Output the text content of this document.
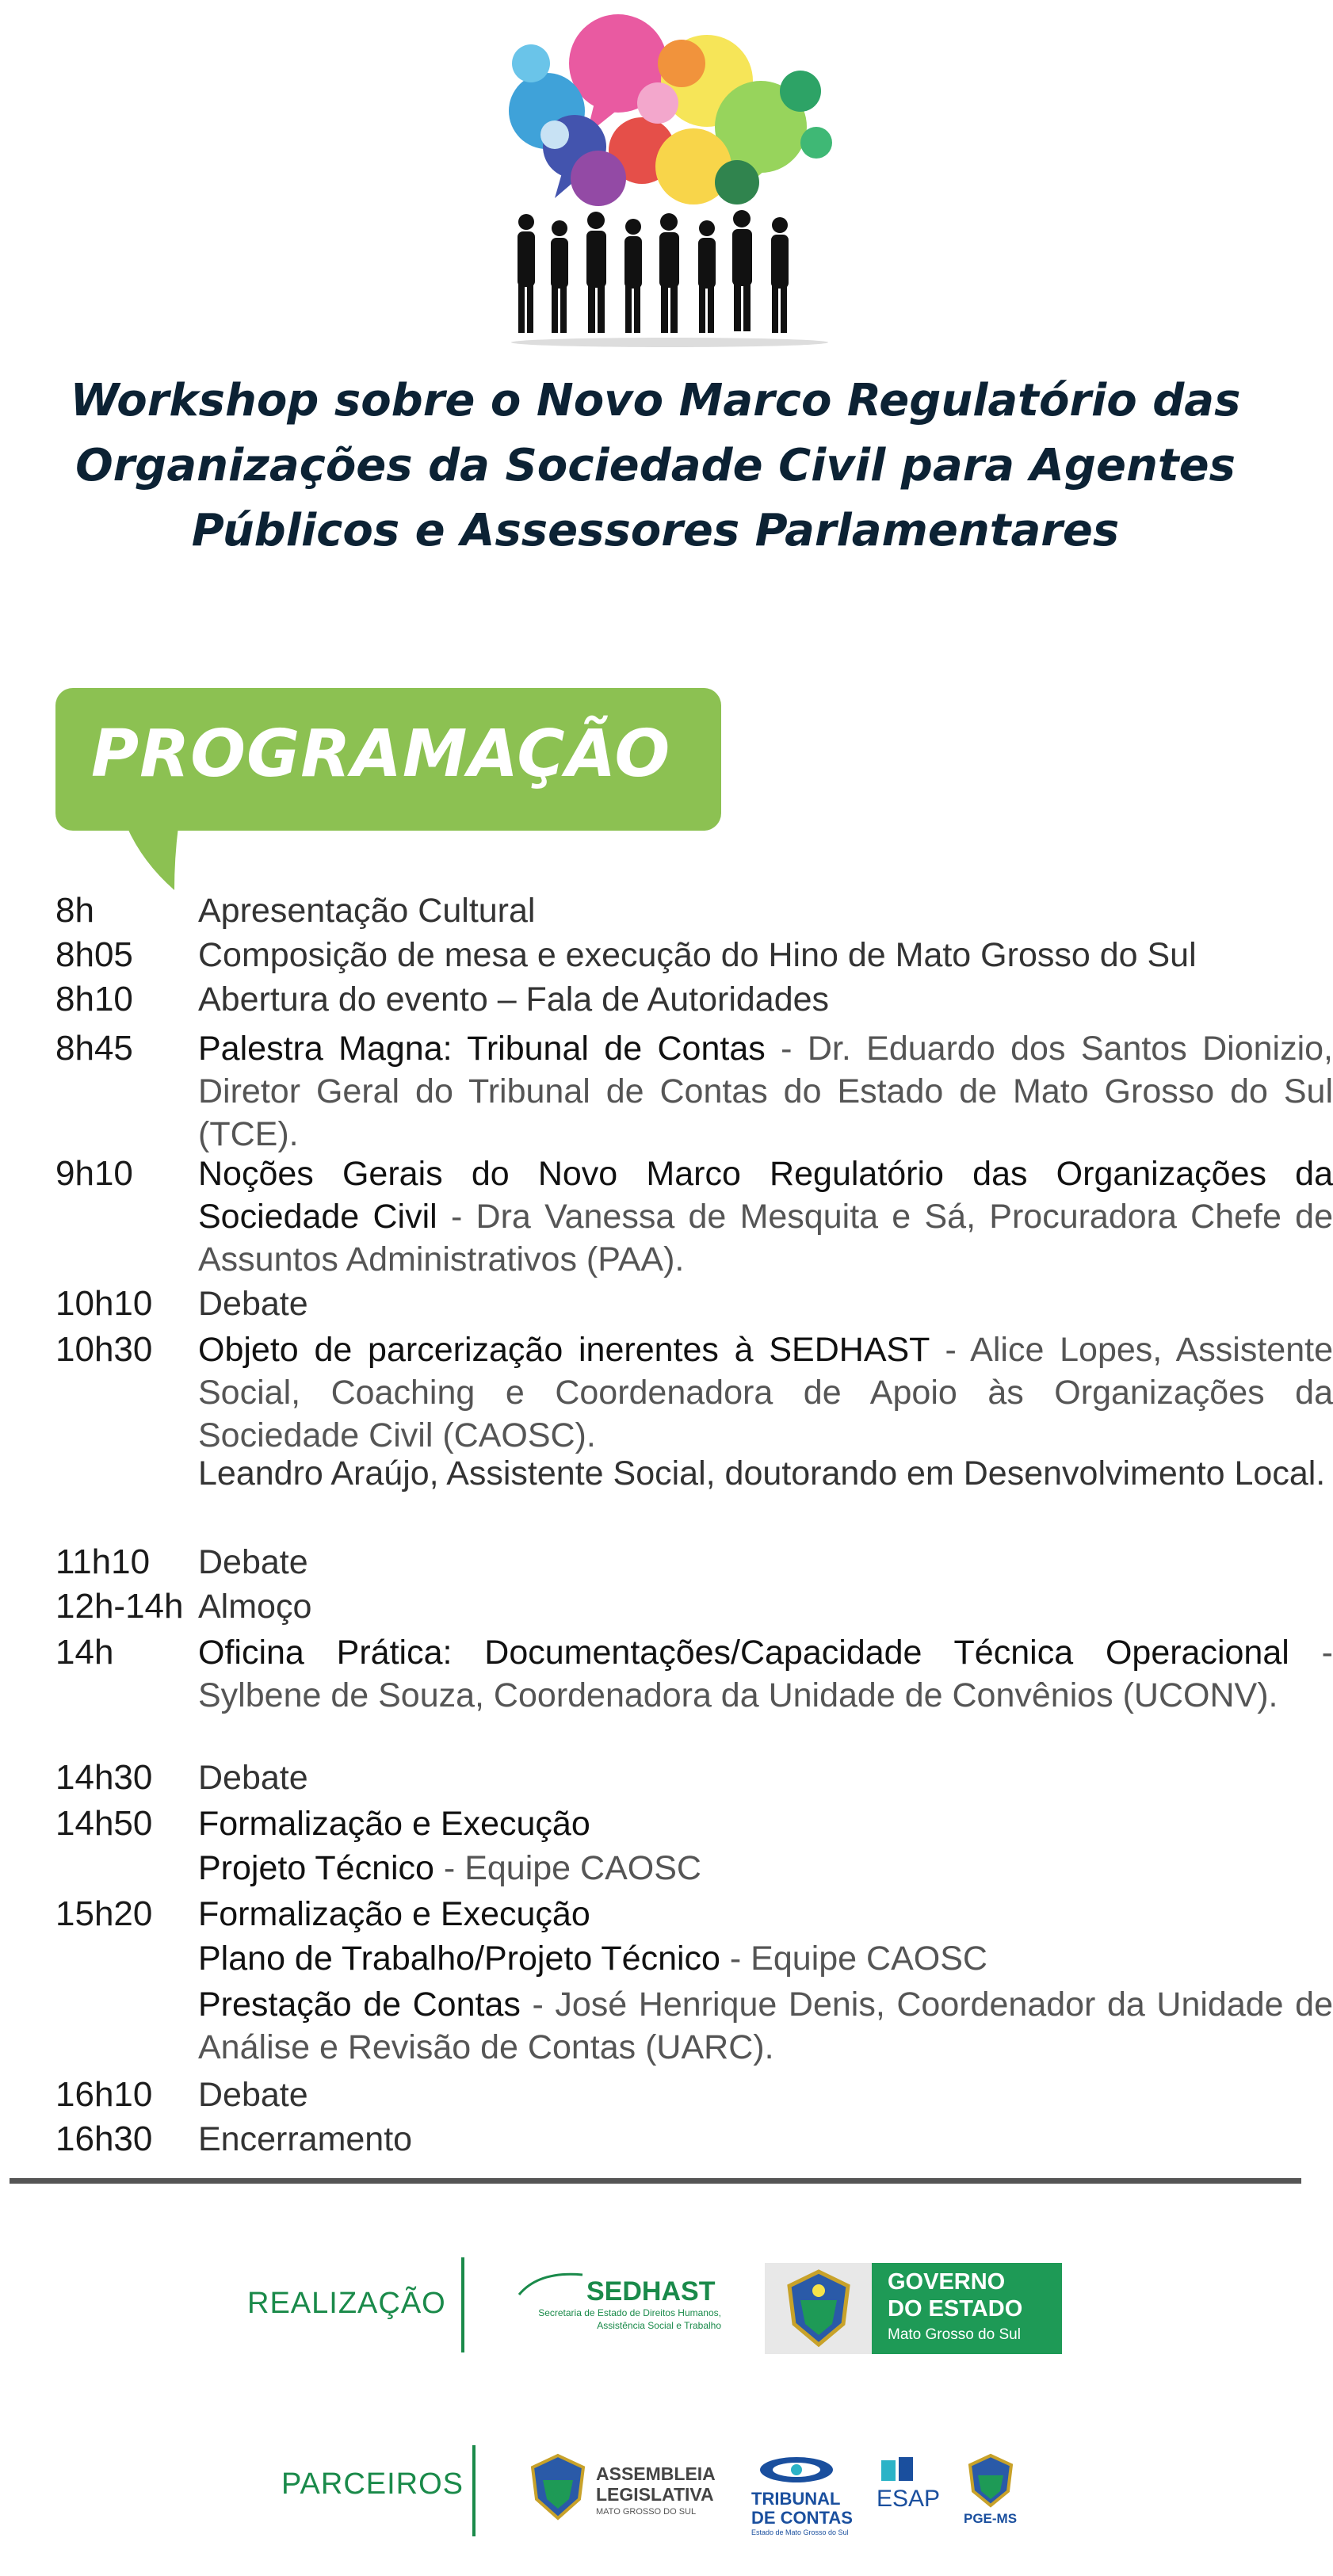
Workshop sobre o Novo Marco Regulatório das
Organizações da Sociedade Civil para Agentes
Públicos e Assessores Parlamentares
PROGRAMAÇÃO
8h	Apresentação Cultural
8h05 Composição de mesa e execução do Hino de Mato Grosso do Sul
8h10 Abertura do evento – Fala de Autoridades
8h45 Palestra Magna: Tribunal de Contas - Dr. Eduardo dos Santos Dionizio, Diretor Geral do Tribunal de Contas do Estado de Mato Grosso do Sul (TCE).
9h10 Noções Gerais do Novo Marco Regulatório das Organizações da Sociedade Civil - Dra Vanessa de Mesquita e Sá, Procuradora Chefe de Assuntos Administrativos (PAA).
10h10 Debate
10h30 Objeto de parcerização inerentes à SEDHAST - Alice Lopes, Assistente Social, Coaching e Coordenadora de Apoio às Organizações da Sociedade Civil (CAOSC).
Leandro Araújo, Assistente Social, doutorando em Desenvolvimento Local.
11h10 Debate
12h-14h Almoço
14h Oficina Prática: Documentações/Capacidade Técnica Operacional - Sylbene de Souza, Coordenadora da Unidade de Convênios (UCONV).
14h30 Debate
14h50 Formalização e Execução
Projeto Técnico - Equipe CAOSC
15h20 Formalização e Execução
Plano de Trabalho/Projeto Técnico - Equipe CAOSC
Prestação de Contas - José Henrique Denis, Coordenador da Unidade de Análise e Revisão de Contas (UARC).
16h10 Debate
16h30 Encerramento
REALIZAÇÃO	SEDHAST
Secretaria de Estado de Direitos Humanos, Assistência Social e Trabalho
GOVERNO
DO ESTADO
Mato Grosso do Sul
PARCEIROS	ASSEMBLEIA
LEGISLATIVA
MATO GROSSO DO SUL
TRIBUNAL
DE CONTAS
Estado de Mato Grosso do Sul
ESAP
PGE-MS
